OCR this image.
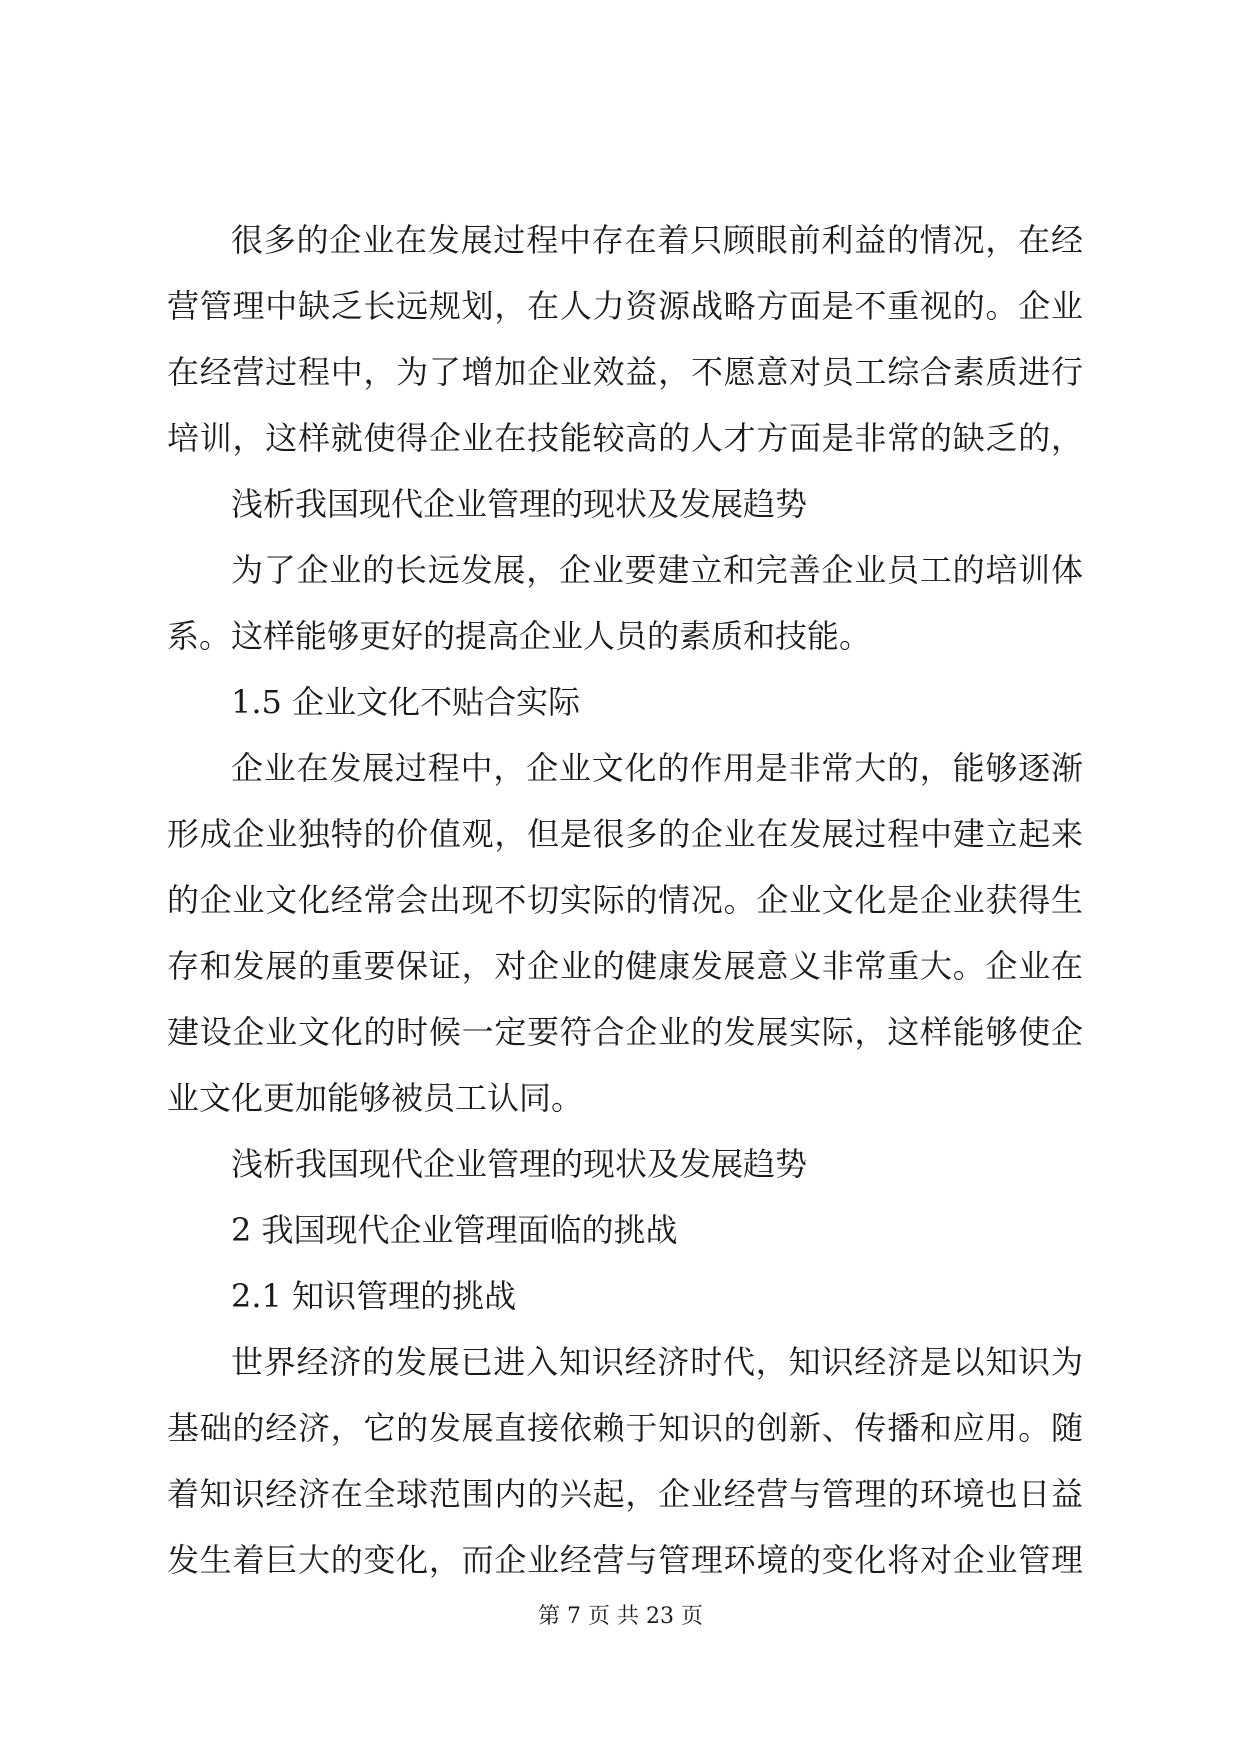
很多的企业在发展过程中存在着只顾眼前利益的情况，在经
营管理中缺乏长远规划，在人力资源战略方面是不重视的。企业
在经营过程中，为了增加企业效益，不愿意对员工综合素质进行
培训，这样就使得企业在技能较高的人才方面是非常的缺乏的，
浅析我国现代企业管理的现状及发展趋势
为了企业的长远发展，企业要建立和完善企业员工的培训体
系。这样能够更好的提高企业人员的素质和技能。
1.5 企业文化不贴合实际
企业在发展过程中，企业文化的作用是非常大的，能够逐渐
形成企业独特的价值观，但是很多的企业在发展过程中建立起来
的企业文化经常会出现不切实际的情况。企业文化是企业获得生
存和发展的重要保证，对企业的健康发展意义非常重大。企业在
建设企业文化的时候一定要符合企业的发展实际，这样能够使企
业文化更加能够被员工认同。
浅析我国现代企业管理的现状及发展趋势
2 我国现代企业管理面临的挑战
2.1 知识管理的挑战
世界经济的发展已进入知识经济时代，知识经济是以知识为
基础的经济，它的发展直接依赖于知识的创新、传播和应用。随
着知识经济在全球范围内的兴起，企业经营与管理的环境也日益
发生着巨大的变化，而企业经营与管理环境的变化将对企业管理
第 7 页 共 23 页
